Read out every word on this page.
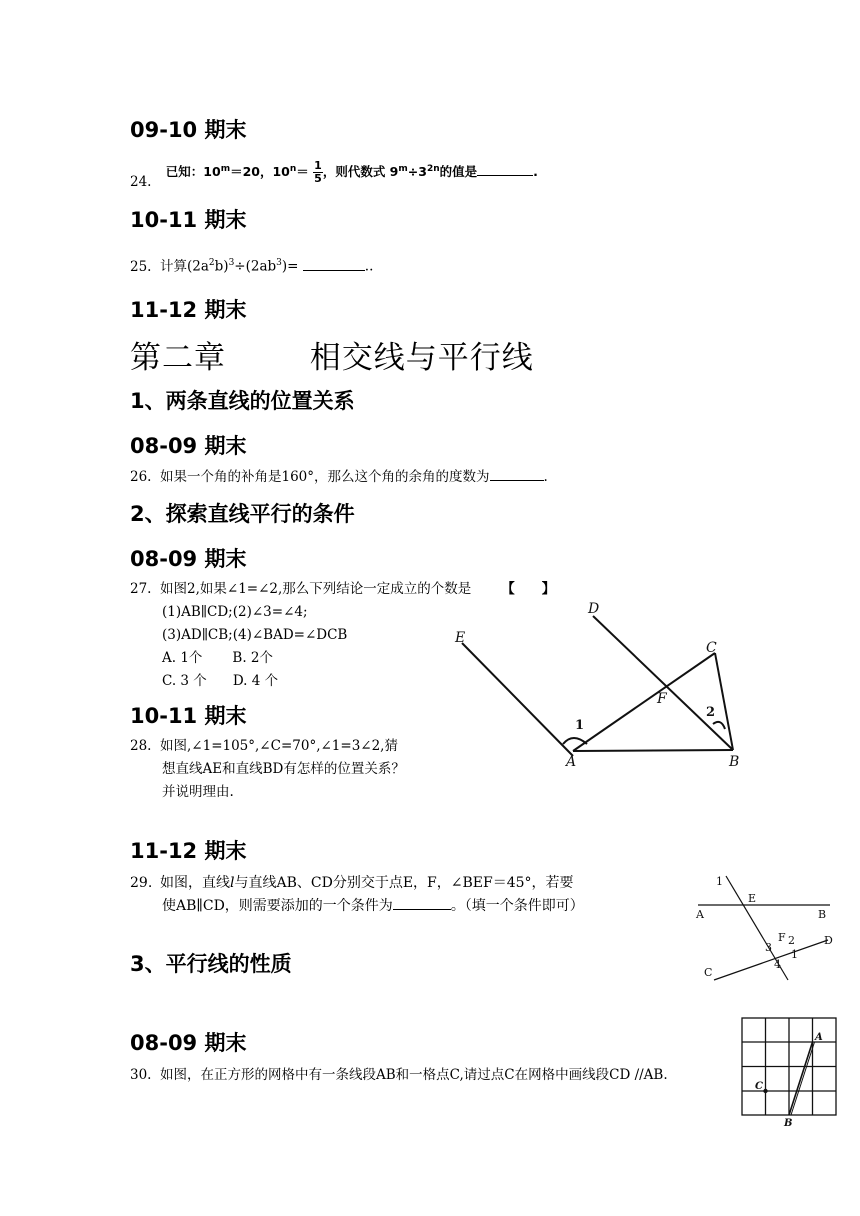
09-10 期末
24. 已知：$10^m=20$，$10^n= \frac{1}{5}$ ，则代数式 $9^m\div 3^{2n}$的值是	.
10-11 期末
25. 计算$(2a^2b)^3\div(2ab^3)=$	..
11-12 期末
第二章	相交线与平行线
1、两条直线的位置关系
08-09 期末
26. 如果一个角的补角是160°，那么这个角的余角的度数为	.
2、探索直线平行的条件
08-09 期末
27. 如图2,如果∠1=∠2,那么下列结论一定成立的个数是 【　　】
(1)AB∥CD;(2)∠3=∠4;
(3)AD∥CB;(4)∠BAD=∠DCB
A. 1个 B. 2个
C. 3 个 D. 4 个
D
E
C
F
A	B
1
2
10-11 期末
28. 如图,∠1=105°,∠C=70°,∠1=3∠2,猜
想直线AE和直线BD有怎样的位置关系？
并说明理由.
11-12 期末
29. 如图，直线l与直线AB、CD分别交于点E，F，∠BEF＝45°，若要
使AB∥CD，则需要添加的一个条件为	。（填一个条件即可）
1
E
A	B
F 2	D
3
1
C
4
3、平行线的性质
08-09 期末
30. 如图，在正方形的网格中有一条线段AB和一格点C,请过点C在网格中画线段CD //AB.
A
B
C
